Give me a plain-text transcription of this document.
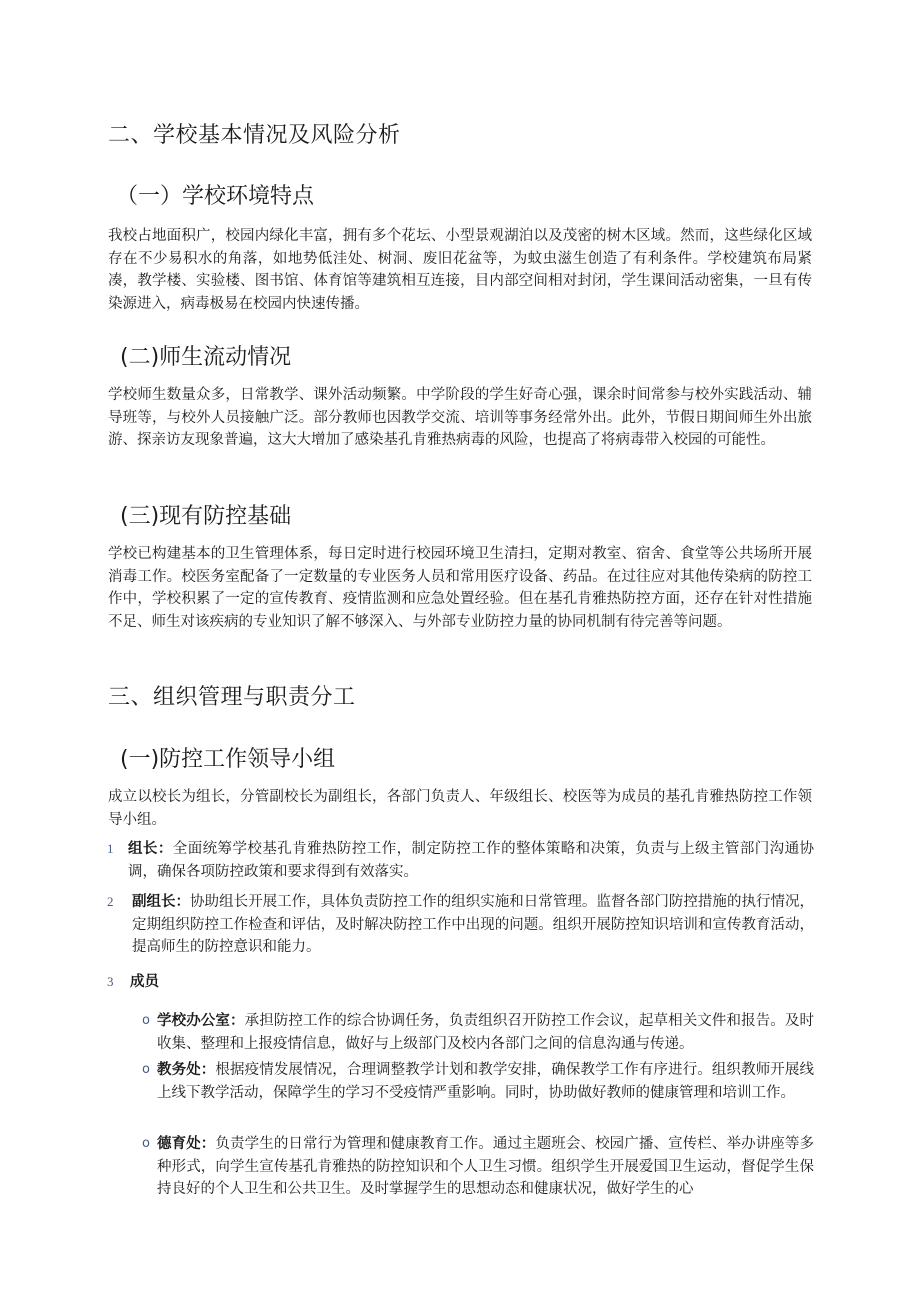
二、学校基本情况及风险分析
（一）学校环境特点

我校占地面积广，校园内绿化丰富，拥有多个花坛、小型景观湖泊以及茂密的树木区域。然而，这些绿化区域存在不少易积水的角落，如地势低洼处、树洞、废旧花盆等，为蚊虫滋生创造了有利条件。学校建筑布局紧凑，教学楼、实验楼、图书馆、体育馆等建筑相互连接，目内部空间相对封闭，学生课间活动密集，一旦有传染源进入，病毒极易在校园内快速传播。

(二)师生流动情况

学校师生数量众多，日常教学、课外活动频繁。中学阶段的学生好奇心强，课余时间常参与校外实践活动、辅导班等，与校外人员接触广泛。部分教师也因教学交流、培训等事务经常外出。此外，节假日期间师生外出旅游、探亲访友现象普遍，这大大增加了感染基孔肯雅热病毒的风险，也提高了将病毒带入校园的可能性。

(三)现有防控基础

学校已构建基本的卫生管理体系，每日定时进行校园环境卫生清扫，定期对教室、宿舍、食堂等公共场所开展消毒工作。校医务室配备了一定数量的专业医务人员和常用医疗设备、药品。在过往应对其他传染病的防控工作中，学校积累了一定的宣传教育、疫情监测和应急处置经验。但在基孔肯雅热防控方面，还存在针对性措施不足、师生对该疾病的专业知识了解不够深入、与外部专业防控力量的协同机制有待完善等问题。

三、组织管理与职责分工
(一)防控工作领导小组

成立以校长为组长，分管副校长为副组长，各部门负责人、年级组长、校医等为成员的基孔肯雅热防控工作领导小组。

1 组长：全面统筹学校基孔肯雅热防控工作，制定防控工作的整体策略和决策，负责与上级主管部门沟通协调，确保各项防控政策和要求得到有效落实。
2 副组长：协助组长开展工作，具体负责防控工作的组织实施和日常管理。监督各部门防控措施的执行情况，定期组织防控工作检查和评估，及时解决防控工作中出现的问题。组织开展防控知识培训和宣传教育活动，提高师生的防控意识和能力。
3 成员
o 学校办公室：承担防控工作的综合协调任务，负责组织召开防控工作会议，起草相关文件和报告。及时收集、整理和上报疫情信息，做好与上级部门及校内各部门之间的信息沟通与传递。
o 教务处：根据疫情发展情况，合理调整教学计划和教学安排，确保教学工作有序进行。组织教师开展线上线下教学活动，保障学生的学习不受疫情严重影响。同时，协助做好教师的健康管理和培训工作。
o 德育处：负责学生的日常行为管理和健康教育工作。通过主题班会、校园广播、宣传栏、举办讲座等多种形式，向学生宣传基孔肯雅热的防控知识和个人卫生习惯。组织学生开展爱国卫生运动，督促学生保持良好的个人卫生和公共卫生。及时掌握学生的思想动态和健康状况，做好学生的心
